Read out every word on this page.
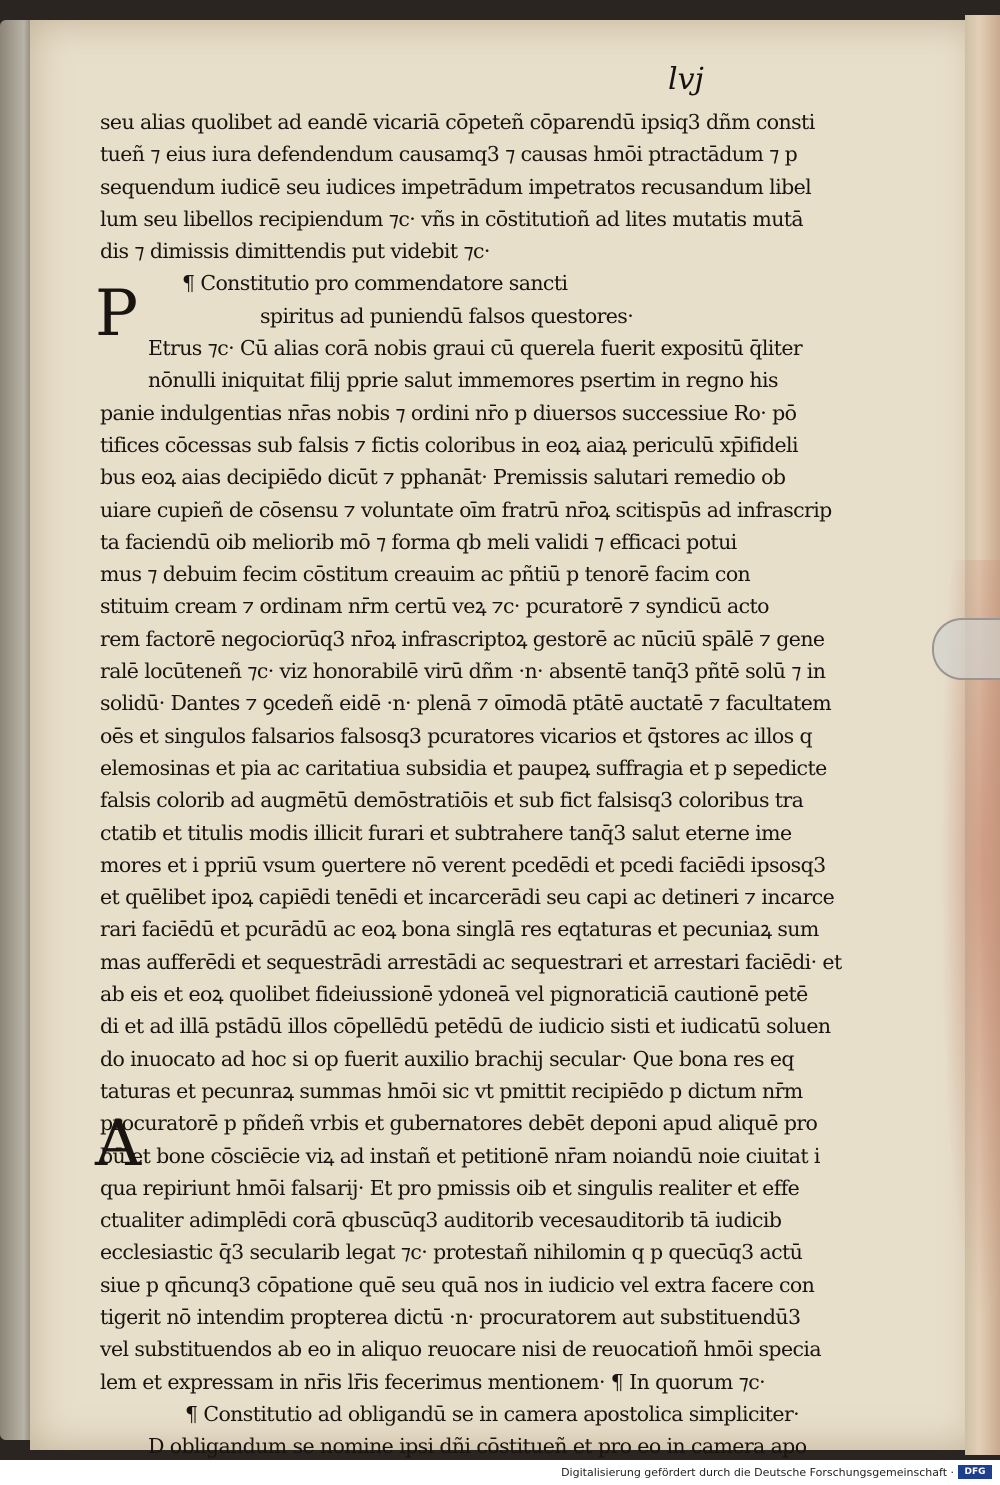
lvj
P
A
seu alias quolibet ad eandē vicariā cōpeteñ cōparendū ipsiq3 dñm consti
tueñ ⁊ eius iura defendendum causamq3 ⁊ causas hmōi ptractādum ⁊ p
sequendum iudicē seu iudices impetrādum impetratos recusandum libel
lum seu libellos recipiendum ⁊c· vñs in cōstitutioñ ad lites mutatis mutā
dis ⁊ dimissis dimittendis put videbit ⁊c·
¶ Constitutio pro commendatore sancti
spiritus ad puniendū falsos questores·
Etrus ⁊c· Cū alias corā nobis graui cū querela fuerit expositū q̄liter
nōnulli iniquitat filij pprie salut immemores psertim in regno his
panie indulgentias nr̄as nobis ⁊ ordini nr̄o p diuersos successiue Ro· pō
tifices cōcessas sub falsis ⁊ fictis coloribus in eoꝝ aiaꝝ periculū xp̄ifideli
bus eoꝝ aias decipiēdo dicūt ⁊ pphanāt· Premissis salutari remedio ob
uiare cupieñ de cōsensu ⁊ voluntate oīm fratrū nr̄oꝝ scitispūs ad infrascrip
ta faciendū oib meliorib mō ⁊ forma qb meli validi ⁊ efficaci potui
mus ⁊ debuim fecim cōstitum creauim ac pñtiū p tenorē facim con
stituim cream ⁊ ordinam nr̄m certū veꝝ ⁊c· pcuratorē ⁊ syndicū acto
rem factorē negociorūq3 nr̄oꝝ infrascriptoꝝ gestorē ac nūciū spālē ⁊ gene
ralē locūteneñ ⁊c· viz honorabilē virū dñm ·n· absentē tanq̄3 pñtē solū ⁊ in
solidū· Dantes ⁊ ꝯcedeñ eidē ·n· plenā ⁊ oīmodā ptātē auctatē ⁊ facultatem
oēs et singulos falsarios falsosq3 pcuratores vicarios et q̄stores ac illos q
elemosinas et pia ac caritatiua subsidia et paupeꝝ suffragia et p sepedicte
falsis colorib ad augmētū demōstratiōis et sub fict falsisq3 coloribus tra
ctatib et titulis modis illicit furari et subtrahere tanq̄3 salut eterne ime
mores et i ppriū vsum ꝯuertere nō verent pcedēdi et pcedi faciēdi ipsosq3
et quēlibet ipoꝝ capiēdi tenēdi et incarcerādi seu capi ac detineri ⁊ incarce
rari faciēdū et pcurādū ac eoꝝ bona singlā res eqtaturas et pecuniaꝝ sum
mas aufferēdi et sequestrādi arrestādi ac sequestrari et arrestari faciēdi· et
ab eis et eoꝝ quolibet fideiussionē ydoneā vel pignoraticiā cautionē petē
di et ad illā pstādū illos cōpellēdū petēdū de iudicio sisti et iudicatū soluen
do inuocato ad hoc si op fuerit auxilio brachij secular· Que bona res eq
taturas et pecunraꝝ summas hmōi sic vt pmittit recipiēdo p dictum nr̄m
procuratorē p pñdeñ vrbis et gubernatores debēt deponi apud aliquē pro
bū et bone cōsciēcie viꝝ ad instañ et petitionē nr̄am noiandū noie ciuitat i
qua repiriunt hmōi falsarij· Et pro pmissis oib et singulis realiter et effe
ctualiter adimplēdi corā qbuscūq3 auditorib vecesauditorib tā iudicib
ecclesiastic q̄3 secularib legat ⁊c· protestañ nihilomin q p quecūq3 actū
siue p qn̄cunq3 cōpatione quē seu quā nos in iudicio vel extra facere con
tigerit nō intendim propterea dictū ·n· procuratorem aut substituendū3
vel substituendos ab eo in aliquo reuocare nisi de reuocatioñ hmōi specia
lem et expressam in nr̄is lr̄is fecerimus mentionem· ¶ In quorum ⁊c·
¶ Constitutio ad obligandū se in camera apostolica simpliciter·
D obligandum se nomine ipsi dñi cōstitueñ et pro eo in camera apo
Digitalisierung gefördert durch die Deutsche Forschungsgemeinschaft ·	DFG
